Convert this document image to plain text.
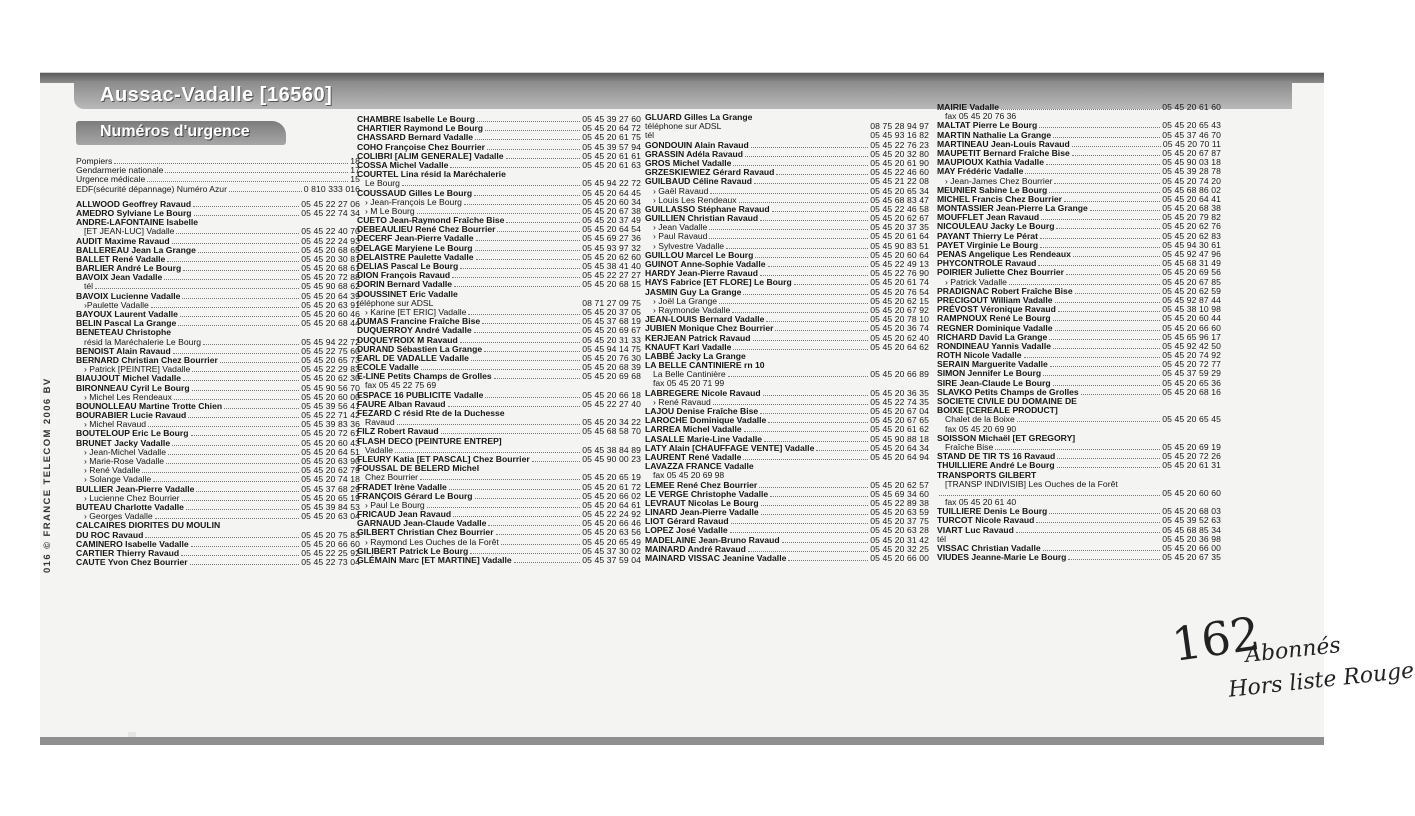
016 © FRANCE TELECOM 2006 BV
Aussac-Vadalle [16560]
Numéros d'urgence
Pompiers	18
Gendarmerie nationale	17
Urgence médicale	15
EDF(sécurité dépannage) Numéro Azur	0 810 333 016
ALLWOOD Geoffrey Ravaud	05 45 22 27 06
AMEDRO Sylviane Le Bourg	05 45 22 74 34
ANDRE-LAFONTAINE Isabelle
[ET JEAN-LUC] Vadalle	05 45 22 40 70
AUDIT Maxime Ravaud	05 45 22 24 93
BALLEREAU Jean La Grange	05 45 20 68 65
BALLET René Vadalle	05 45 20 30 81
BARLIER André Le Bourg	05 45 20 68 61
BAVOIX Jean Vadalle	05 45 20 72 88
tél	05 45 90 68 62
BAVOIX Lucienne Vadalle	05 45 20 64 39
›Paulette Vadalle	05 45 20 63 91
BAYOUX Laurent Vadalle	05 45 20 60 46
BELIN Pascal La Grange	05 45 20 68 44
BENETEAU Christophe
résid la Maréchalerie Le Bourg	05 45 94 22 72
BENOIST Alain Ravaud	05 45 22 75 60
BERNARD Christian Chez Bourrier	05 45 20 65 73
› Patrick [PEINTRE] Vadalle	05 45 22 29 83
BIAUJOUT Michel Vadalle	05 45 20 62 30
BIRONNEAU Cyril Le Bourg	05 45 90 56 70
› Michel Les Rendeaux	05 45 20 60 00
BOUNOLLEAU Martine Trotte Chien	05 45 39 56 41
BOURABIER Lucie Ravaud	05 45 22 71 42
› Michel Ravaud	05 45 39 83 36
BOUTELOUP Eric Le Bourg	05 45 20 72 61
BRUNET Jacky Vadalle	05 45 20 60 43
› Jean-Michel Vadalle	05 45 20 64 51
› Marie-Rose Vadalle	05 45 20 63 90
› René Vadalle	05 45 20 62 79
› Solange Vadalle	05 45 20 74 18
BULLIER Jean-Pierre Vadalle	05 45 37 68 29
› Lucienne Chez Bourrier	05 45 20 65 19
BUTEAU Charlotte Vadalle	05 45 39 84 53
› Georges Vadalle	05 45 20 63 04
CALCAIRES DIORITES DU MOULIN
DU ROC Ravaud	05 45 20 75 83
CAMINERO Isabelle Vadalle	05 45 20 66 60
CARTIER Thierry Ravaud	05 45 22 25 92
CAUTE Yvon Chez Bourrier	05 45 22 73 04
CHAMBRE Isabelle Le Bourg	05 45 39 27 60
CHARTIER Raymond Le Bourg	05 45 20 64 72
CHASSARD Bernard Vadalle	05 45 20 61 75
COHO Françoise Chez Bourrier	05 45 39 57 94
COLIBRI [ALIM GENERALE] Vadalle	05 45 20 61 61
COSSA Michel Vadalle	05 45 20 61 63
COURTEL Lina résid la Maréchalerie
Le Bourg	05 45 94 22 72
COUSSAUD Gilles Le Bourg	05 45 20 64 45
› Jean-François Le Bourg	05 45 20 60 34
› M Le Bourg	05 45 20 67 38
CUETO Jean-Raymond Fraîche Bise	05 45 20 37 49
DEBEAULIEU René Chez Bourrier	05 45 20 64 54
DECERF Jean-Pierre Vadalle	05 45 69 27 36
DELAGE Maryiene Le Bourg	05 45 93 97 32
DELAISTRE Paulette Vadalle	05 45 20 62 60
DELIAS Pascal Le Bourg	05 45 38 41 40
DION François Ravaud	05 45 22 27 27
DORIN Bernard Vadalle	05 45 20 68 15
DOUSSINET Eric Vadalle
téléphone sur ADSL	08 71 27 09 75
› Karine [ET ERIC] Vadalle	05 45 20 37 05
DUMAS Francine Fraîche Bise	05 45 37 68 19
DUQUERROY André Vadalle	05 45 20 69 67
DUQUEYROIX M Ravaud	05 45 20 31 33
DURAND Sébastien La Grange	05 45 94 14 75
EARL DE VADALLE Vadalle	05 45 20 76 30
ECOLE Vadalle	05 45 20 68 39
E-LINE Petits Champs de Grolles	05 45 20 69 68
fax 05 45 22 75 69
ESPACE 16 PUBLICITE Vadalle	05 45 20 66 18
FAURE Alban Ravaud	05 45 22 27 40
FEZARD C résid Rte de la Duchesse
Ravaud	05 45 20 34 22
FILZ Robert Ravaud	05 45 68 58 70
FLASH DECO [PEINTURE ENTREP]
Vadalle	05 45 38 84 89
FLEURY Katia [ET PASCAL] Chez Bourrier	05 45 90 00 23
FOUSSAL DE BELERD Michel
Chez Bourrier	05 45 20 65 19
FRADET Irène Vadalle	05 45 20 61 72
FRANÇOIS Gérard Le Bourg	05 45 20 66 02
› Paul Le Bourg	05 45 20 64 61
FRICAUD Jean Ravaud	05 45 22 24 92
GARNAUD Jean-Claude Vadalle	05 45 20 66 46
GILBERT Christian Chez Bourrier	05 45 20 63 56
› Raymond Les Ouches de la Forêt	05 45 20 65 49
GILIBERT Patrick Le Bourg	05 45 37 30 02
GLÉMAIN Marc [ET MARTINE] Vadalle	05 45 37 59 04
GLUARD Gilles La Grange
téléphone sur ADSL	08 75 28 94 97
tél	05 45 93 16 82
GONDOUIN Alain Ravaud	05 45 22 76 23
GRASSIN Adéla Ravaud	05 45 20 32 80
GROS Michel Vadalle	05 45 20 61 90
GRZESKIEWIEZ Gérard Ravaud	05 45 22 46 60
GUILBAUD Céline Ravaud	05 45 21 22 08
› Gaël Ravaud	05 45 20 65 34
› Louis Les Rendeaux	05 45 68 83 47
GUILLASSO Stéphane Ravaud	05 45 22 46 58
GUILLIEN Christian Ravaud	05 45 20 62 67
› Jean Vadalle	05 45 20 37 35
› Paul Ravaud	05 45 20 61 64
› Sylvestre Vadalle	05 45 90 83 51
GUILLOU Marcel Le Bourg	05 45 20 60 64
GUINOT Anne-Sophie Vadalle	05 45 22 49 13
HARDY Jean-Pierre Ravaud	05 45 22 76 90
HAYS Fabrice [ET FLORE] Le Bourg	05 45 20 61 74
JASMIN Guy La Grange	05 45 20 76 54
› Joël La Grange	05 45 20 62 15
› Raymonde Vadalle	05 45 20 67 92
JEAN-LOUIS Bernard Vadalle	05 45 20 78 10
JUBIEN Monique Chez Bourrier	05 45 20 36 74
KERJEAN Patrick Ravaud	05 45 20 62 40
KNAUFT Karl Vadalle	05 45 20 64 62
LABBÉ Jacky La Grange
LA BELLE CANTINIERE rn 10
La Belle Cantinière	05 45 20 66 89
fax 05 45 20 71 99
LABREGERE Nicole Ravaud	05 45 20 36 35
› René Ravaud	05 45 22 74 35
LAJOU Denise Fraîche Bise	05 45 20 67 04
LAROCHE Dominique Vadalle	05 45 20 67 65
LARREA Michel Vadalle	05 45 20 61 62
LASALLE Marie-Line Vadalle	05 45 90 88 18
LATY Alain [CHAUFFAGE VENTE] Vadalle	05 45 20 64 34
LAURENT René Vadalle	05 45 20 64 94
LAVAZZA FRANCE Vadalle
fax 05 45 20 69 98
LEMEE René Chez Bourrier	05 45 20 62 57
LE VERGE Christophe Vadalle	05 45 69 34 60
LEVRAUT Nicolas Le Bourg	05 45 22 89 38
LINARD Jean-Pierre Vadalle	05 45 20 63 59
LIOT Gérard Ravaud	05 45 20 37 75
LOPEZ José Vadalle	05 45 20 63 28
MADELAINE Jean-Bruno Ravaud	05 45 20 31 42
MAINARD André Ravaud	05 45 20 32 25
MAINARD VISSAC Jeanine Vadalle	05 45 20 66 00
MAIRIE Vadalle	05 45 20 61 60
fax 05 45 20 76 36
MALTAT Pierre Le Bourg	05 45 20 65 43
MARTIN Nathalie La Grange	05 45 37 46 70
MARTINEAU Jean-Louis Ravaud	05 45 20 70 11
MAUPETIT Bernard Fraîche Bise	05 45 20 67 87
MAUPIOUX Kathia Vadalle	05 45 90 03 18
MAY Frédéric Vadalle	05 45 39 28 78
› Jean-James Chez Bourrier	05 45 20 74 20
MEUNIER Sabine Le Bourg	05 45 68 86 02
MICHEL Francis Chez Bourrier	05 45 20 64 41
MONTASSIER Jean-Pierre La Grange	05 45 20 68 38
MOUFFLET Jean Ravaud	05 45 20 79 82
NICOULEAU Jacky Le Bourg	05 45 20 62 76
PAYANT Thierry Le Pérat	05 45 20 62 83
PAYET Virginie Le Bourg	05 45 94 30 61
PENAS Angelique Les Rendeaux	05 45 92 47 96
PHYCONTROLE Ravaud	05 45 68 31 49
POIRIER Juliette Chez Bourrier	05 45 20 69 56
› Patrick Vadalle	05 45 20 67 85
PRADIGNAC Robert Fraîche Bise	05 45 20 62 59
PRECIGOUT William Vadalle	05 45 92 87 44
PRÉVOST Véronique Ravaud	05 45 38 10 98
RAMPNOUX René Le Bourg	05 45 20 60 44
REGNER Dominique Vadalle	05 45 20 66 60
RICHARD David La Grange	05 45 65 96 17
RONDINEAU Yannis Vadalle	05 45 92 42 50
ROTH Nicole Vadalle	05 45 20 74 92
SERAIN Marguerite Vadalle	05 45 20 72 77
SIMON Jennifer Le Bourg	05 45 37 59 29
SIRE Jean-Claude Le Bourg	05 45 20 65 36
SLAVKO Petits Champs de Grolles	05 45 20 68 16
SOCIETE CIVILE DU DOMAINE DE
BOIXE [CEREALE PRODUCT]
Chalet de la Boixe	05 45 20 65 45
fax 05 45 20 69 90
SOISSON Michaël [ET GREGORY]
Fraîche Bise	05 45 20 69 19
STAND DE TIR TS 16 Ravaud	05 45 20 72 26
THUILLIERE André Le Bourg	05 45 20 61 31
TRANSPORTS GILBERT
[TRANSP INDIVISIB] Les Ouches de la Forêt
05 45 20 60 60
fax 05 45 20 61 40
TUILLIERE Denis Le Bourg	05 45 20 68 03
TURCOT Nicole Ravaud	05 45 39 52 63
VIART Luc Ravaud	05 45 68 85 34
tél	05 45 20 36 98
VISSAC Christian Vadalle	05 45 20 66 00
VIUDES Jeanne-Marie Le Bourg	05 45 20 67 35
162
Abonnés
Hors liste Rouge
